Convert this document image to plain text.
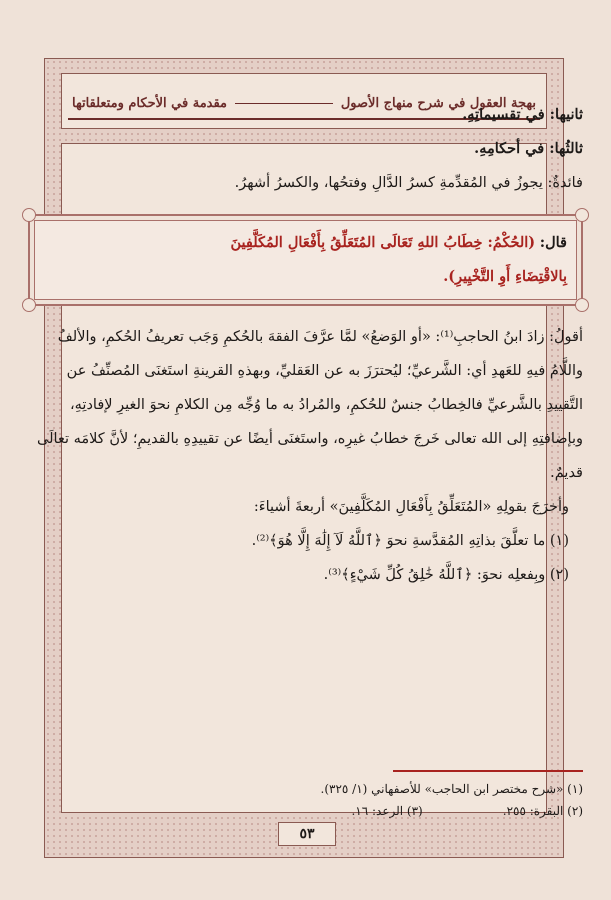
بهجة العقول في شرح منهاج الأصول
مقدمة في الأحكام ومتعلقاتها

ثانيها: في تقسيماتِهِ.

ثالثُها: في أحكامِهِ.

فائدةٌ: يجوزُ في المُقدِّمةِ كسرُ الدَّالِ وفتحُها، والكسرُ أشهرُ.

قال: (الحُكْمُ: خِطَابُ اللهِ تَعَالَى المُتَعَلِّقُ بِأَفْعَالِ المُكَلَّفِينَ

بِالاقْتِضَاءِ أَوِ التَّخْيِيرِ).

أقولُ: زادَ ابنُ الحاجبِ⁽¹⁾: «أو الوَضعُ» لمَّا عرَّفَ الفقهَ بالحُكمِ وَجَب تعريفُ الحُكمِ، والألفُ واللَّامُ فيهِ للعَهدِ أي: الشَّرعيِّ؛ ليُحترَزَ به عن العَقليِّ، وبهذهِ القرينةِ استَغنَى المُصنِّفُ عن التَّقييدِ بالشَّرعيِّ فالخِطابُ جنسٌ للحُكمِ، والمُرادُ به ما وُجِّه مِن الكلامِ نحوَ الغيرِ لإفادتِهِ، وبإضافتِهِ إلى الله تعالى خَرجَ خطابُ غيرِه، واستَغنَى أيضًا عن تقييدِهِ بالقديمِ؛ لأنَّ كلامَه تعالَى قديمٌ.

وأخرَجَ بقولِهِ «المُتَعَلِّقُ بِأَفْعَالِ المُكَلَّفِينَ» أربعةَ أشياءَ:

(١) ما تعلَّقَ بذاتِهِ المُقدَّسةِ نحوَ ﴿ٱللَّهُ لَآ إِلَٰهَ إِلَّا هُوَ﴾⁽²⁾.

(٢) وبِفعلِه نحوَ: ﴿ٱللَّهُ خَٰلِقُ كُلِّ شَيْءٍ﴾⁽³⁾.

(١) «شرح مختصر ابن الحاجب» للأصفهاني (١/ ٣٢٥).
(٢) البقرة: ٢٥٥.
(٣) الرعد: ١٦.
٥٣
